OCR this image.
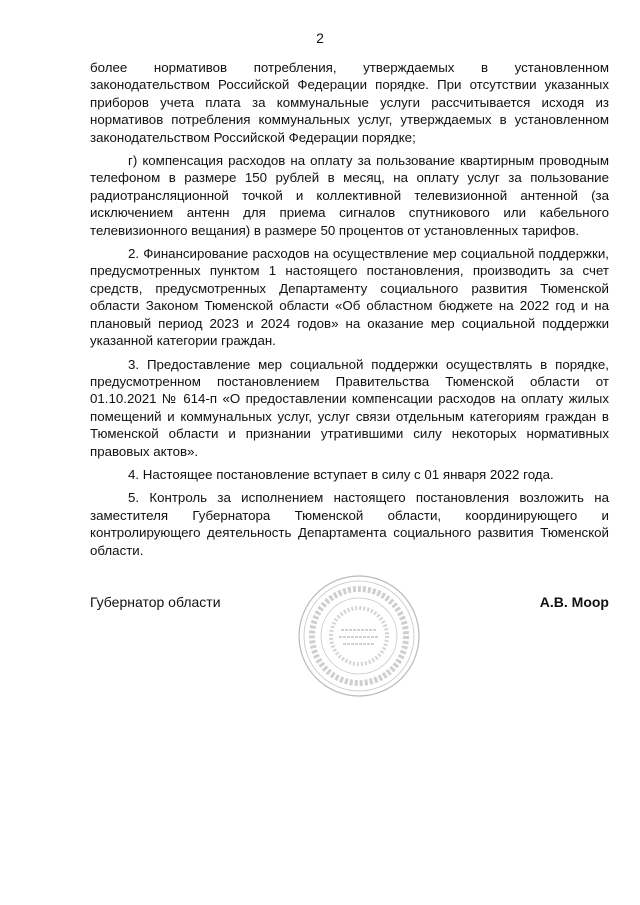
2

более нормативов потребления, утверждаемых в установленном законодательством Российской Федерации порядке. При отсутствии указанных приборов учета плата за коммунальные услуги рассчитывается исходя из нормативов потребления коммунальных услуг, утверждаемых в установленном законодательством Российской Федерации порядке;

г) компенсация расходов на оплату за пользование квартирным проводным телефоном в размере 150 рублей в месяц, на оплату услуг за пользование радиотрансляционной точкой и коллективной телевизионной антенной (за исключением антенн для приема сигналов спутникового или кабельного телевизионного вещания) в размере 50 процентов от установленных тарифов.

2. Финансирование расходов на осуществление мер социальной поддержки, предусмотренных пунктом 1 настоящего постановления, производить за счет средств, предусмотренных Департаменту социального развития Тюменской области Законом Тюменской области «Об областном бюджете на 2022 год и на плановый период 2023 и 2024 годов» на оказание мер социальной поддержки указанной категории граждан.

3. Предоставление мер социальной поддержки осуществлять в порядке, предусмотренном постановлением Правительства Тюменской области от 01.10.2021 № 614-п «О предоставлении компенсации расходов на оплату жилых помещений и коммунальных услуг, услуг связи отдельным категориям граждан в Тюменской области и признании утратившими силу некоторых нормативных правовых актов».

4. Настоящее постановление вступает в силу с 01 января 2022 года.

5. Контроль за исполнением настоящего постановления возложить на заместителя Губернатора Тюменской области, координирующего и контролирующего деятельность Департамента социального развития Тюменской области.

Губернатор области	А.В. Моор
